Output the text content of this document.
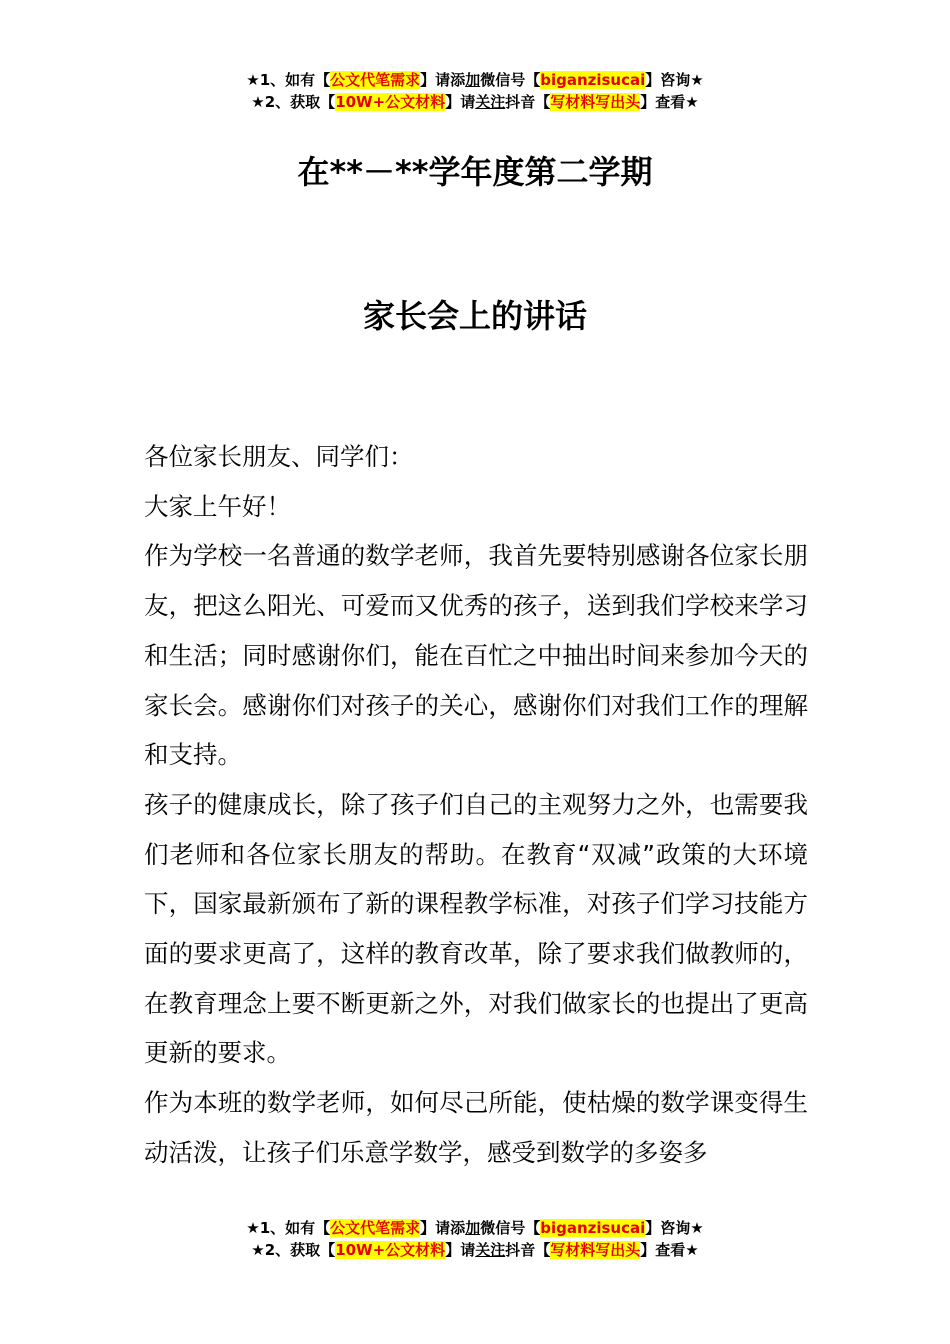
★1、如有【公文代笔需求】请添加微信号【biganzisucai】咨询★
★2、获取【10W+公文材料】请关注抖音【写材料写出头】查看★
在**－**学年度第二学期
家长会上的讲话

各位家长朋友、同学们：

大家上午好！

作为学校一名普通的数学老师，我首先要特别感谢各位家长朋友，把这么阳光、可爱而又优秀的孩子，送到我们学校来学习和生活；同时感谢你们，能在百忙之中抽出时间来参加今天的家长会。感谢你们对孩子的关心，感谢你们对我们工作的理解和支持。

孩子的健康成长，除了孩子们自己的主观努力之外，也需要我们老师和各位家长朋友的帮助。在教育“双减”政策的大环境下，国家最新颁布了新的课程教学标准，对孩子们学习技能方面的要求更高了，这样的教育改革，除了要求我们做教师的，在教育理念上要不断更新之外，对我们做家长的也提出了更高更新的要求。

作为本班的数学老师，如何尽己所能，使枯燥的数学课变得生动活泼，让孩子们乐意学数学，感受到数学的多姿多

★1、如有【公文代笔需求】请添加微信号【biganzisucai】咨询★
★2、获取【10W+公文材料】请关注抖音【写材料写出头】查看★
